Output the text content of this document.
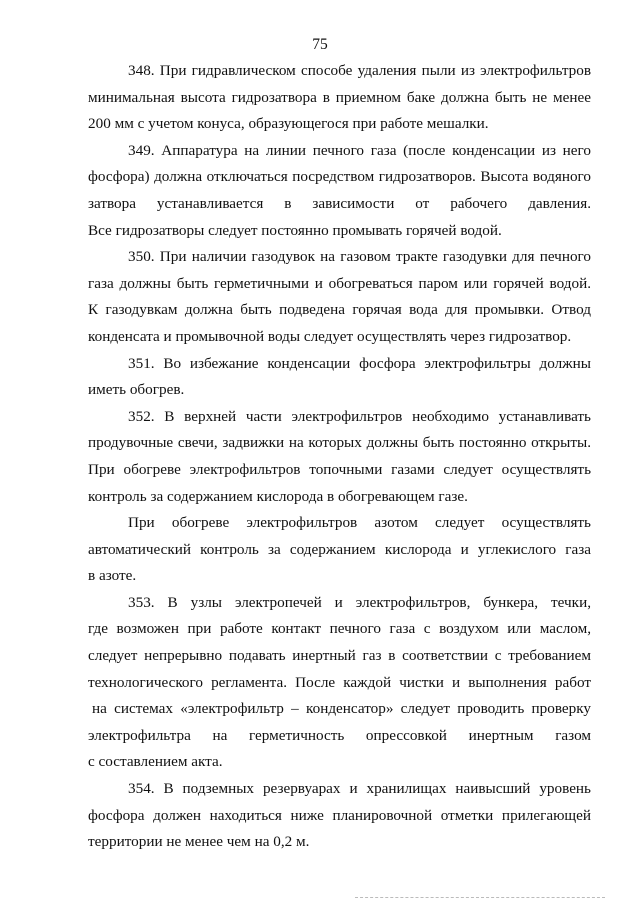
75
348. При гидравлическом способе удаления пыли из электрофильтров
минимальная высота гидрозатвора в приемном баке должна быть не менее
200 мм с учетом конуса, образующегося при работе мешалки.
349. Аппаратура на линии печного газа (после конденсации из него
фосфора) должна отключаться посредством гидрозатворов. Высота водяного
затвора устанавливается в зависимости от рабочего давления.
Все гидрозатворы следует постоянно промывать горячей водой.
350. При наличии газодувок на газовом тракте газодувки для печного
газа должны быть герметичными и обогреваться паром или горячей водой.
К газодувкам должна быть подведена горячая вода для промывки. Отвод
конденсата и промывочной воды следует осуществлять через гидрозатвор.
351. Во избежание конденсации фосфора электрофильтры должны
иметь обогрев.
352. В верхней части электрофильтров необходимо устанавливать
продувочные свечи, задвижки на которых должны быть постоянно открыты.
При обогреве электрофильтров топочными газами следует осуществлять
контроль за содержанием кислорода в обогревающем газе.
При обогреве электрофильтров азотом следует осуществлять
автоматический контроль за содержанием кислорода и углекислого газа
в азоте.
353. В узлы электропечей и электрофильтров, бункера, течки,
где возможен при работе контакт печного газа с воздухом или маслом,
следует непрерывно подавать инертный газ в соответствии с требованием
технологического регламента. После каждой чистки и выполнения работ
на системах «электрофильтр – конденсатор» следует проводить проверку
электрофильтра на герметичность опрессовкой инертным газом
с составлением акта.
354. В подземных резервуарах и хранилищах наивысший уровень
фосфора должен находиться ниже планировочной отметки прилегающей
территории не менее чем на 0,2 м.
